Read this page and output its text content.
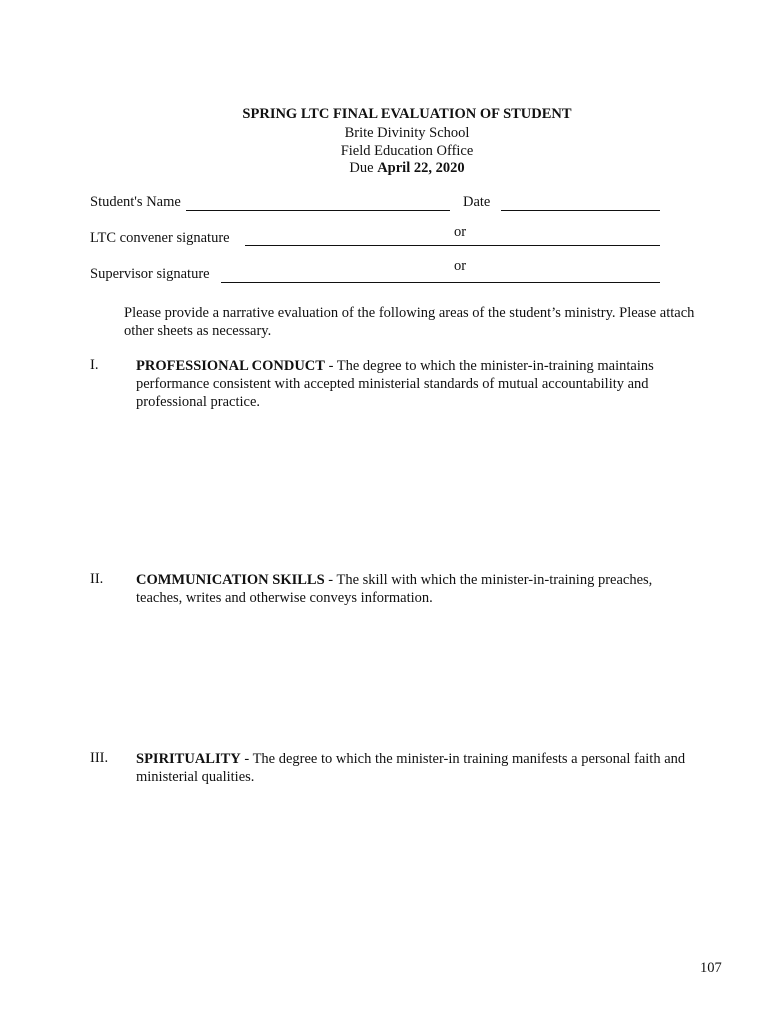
SPRING LTC FINAL EVALUATION OF STUDENT
Brite Divinity School
Field Education Office
Due April 22, 2020
Student's Name	Date
or
LTC convener signature
or
Supervisor signature
Please provide a narrative evaluation of the following areas of the student’s ministry. Please attach other sheets as necessary.
I.	PROFESSIONAL CONDUCT - The degree to which the minister-in-training maintains performance consistent with accepted ministerial standards of mutual accountability and professional practice.
II. COMMUNICATION SKILLS - The skill with which the minister-in-training preaches, teaches, writes and otherwise conveys information.
III. SPIRITUALITY - The degree to which the minister-in training manifests a personal faith and ministerial qualities.
107
